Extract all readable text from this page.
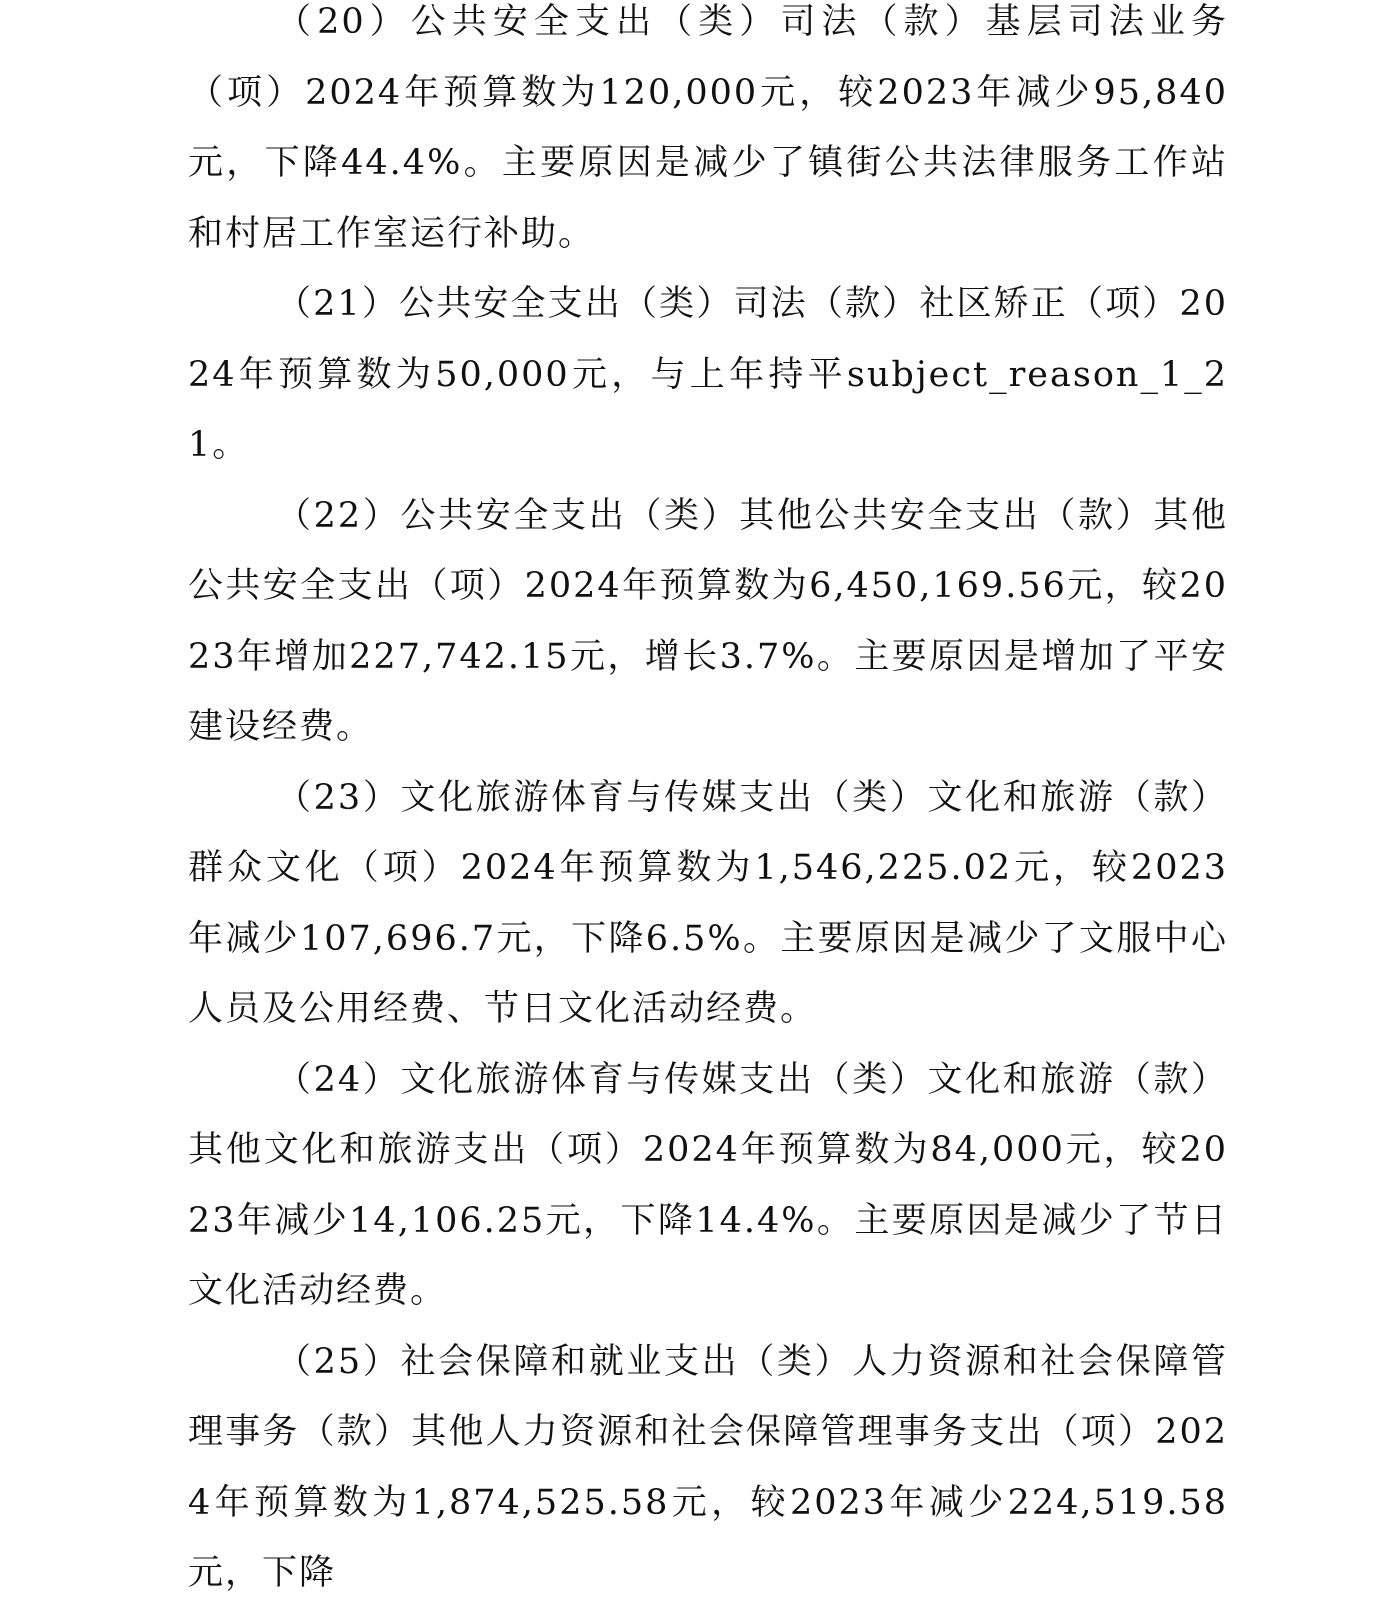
（20）公共安全支出（类）司法（款）基层司法业务（项）2024年预算数为120,000元，较2023年减少95,840元，下降44.4%。主要原因是减少了镇街公共法律服务工作站和村居工作室运行补助。

（21）公共安全支出（类）司法（款）社区矫正（项）2024年预算数为50,000元，与上年持平subject_reason_1_21。

（22）公共安全支出（类）其他公共安全支出（款）其他公共安全支出（项）2024年预算数为6,450,169.56元，较2023年增加227,742.15元，增长3.7%。主要原因是增加了平安建设经费。

（23）文化旅游体育与传媒支出（类）文化和旅游（款）群众文化（项）2024年预算数为1,546,225.02元，较2023年减少107,696.7元，下降6.5%。主要原因是减少了文服中心人员及公用经费、节日文化活动经费。

（24）文化旅游体育与传媒支出（类）文化和旅游（款）其他文化和旅游支出（项）2024年预算数为84,000元，较2023年减少14,106.25元，下降14.4%。主要原因是减少了节日文化活动经费。

（25）社会保障和就业支出（类）人力资源和社会保障管理事务（款）其他人力资源和社会保障管理事务支出（项）2024年预算数为1,874,525.58元，较2023年减少224,519.58元，下降
